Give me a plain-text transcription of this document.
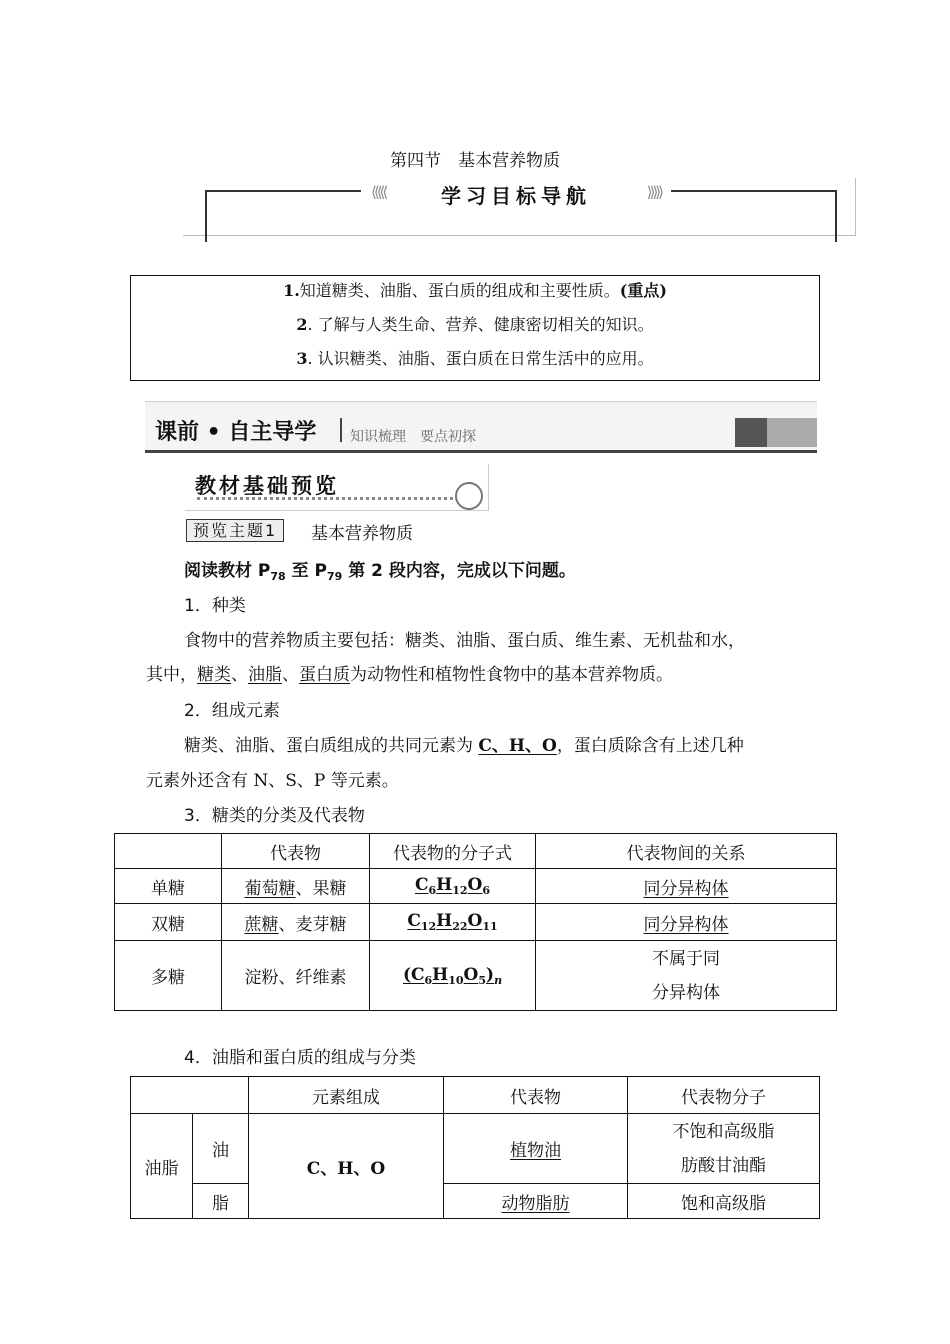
第四节　基本营养物质
⟨⟨⟨⟨⟨	学习目标导航	⟩⟩⟩⟩⟩
1.知道糖类、油脂、蛋白质的组成和主要性质。(重点)
2. 了解与人类生命、营养、健康密切相关的知识。
3. 认识糖类、油脂、蛋白质在日常生活中的应用。
课前 • 自主导学 知识梳理　要点初探
教材基础预览
预览主题1	基本营养物质
阅读教材 $P_{78}$ 至 $P_{79}$ 第 2 段内容，完成以下问题。
1．种类
食物中的营养物质主要包括：糖类、油脂、蛋白质、维生素、无机盐和水，
其中，糖类、油脂、蛋白质为动物性和植物性食物中的基本营养物质。
2．组成元素
糖类、油脂、蛋白质组成的共同元素为 C、H、O，蛋白质除含有上述几种
元素外还含有 N、S、P 等元素。
3．糖类的分类及代表物
	代表物	代表物的分子式	代表物间的关系
单糖	葡萄糖、果糖	$C_6H_{12}O_6$	同分异构体
双糖	蔗糖、麦芽糖	$C_{12}H_{22}O_{11}$	同分异构体
多糖	淀粉、纤维素	$(C_6H_{10}O_5)_n$	不属于同
分异构体
4．油脂和蛋白质的组成与分类
		元素组成	代表物	代表物分子
油脂	油	C、H、O	植物油	不饱和高级脂
肪酸甘油酯

	脂		动物脂肪	饱和高级脂
